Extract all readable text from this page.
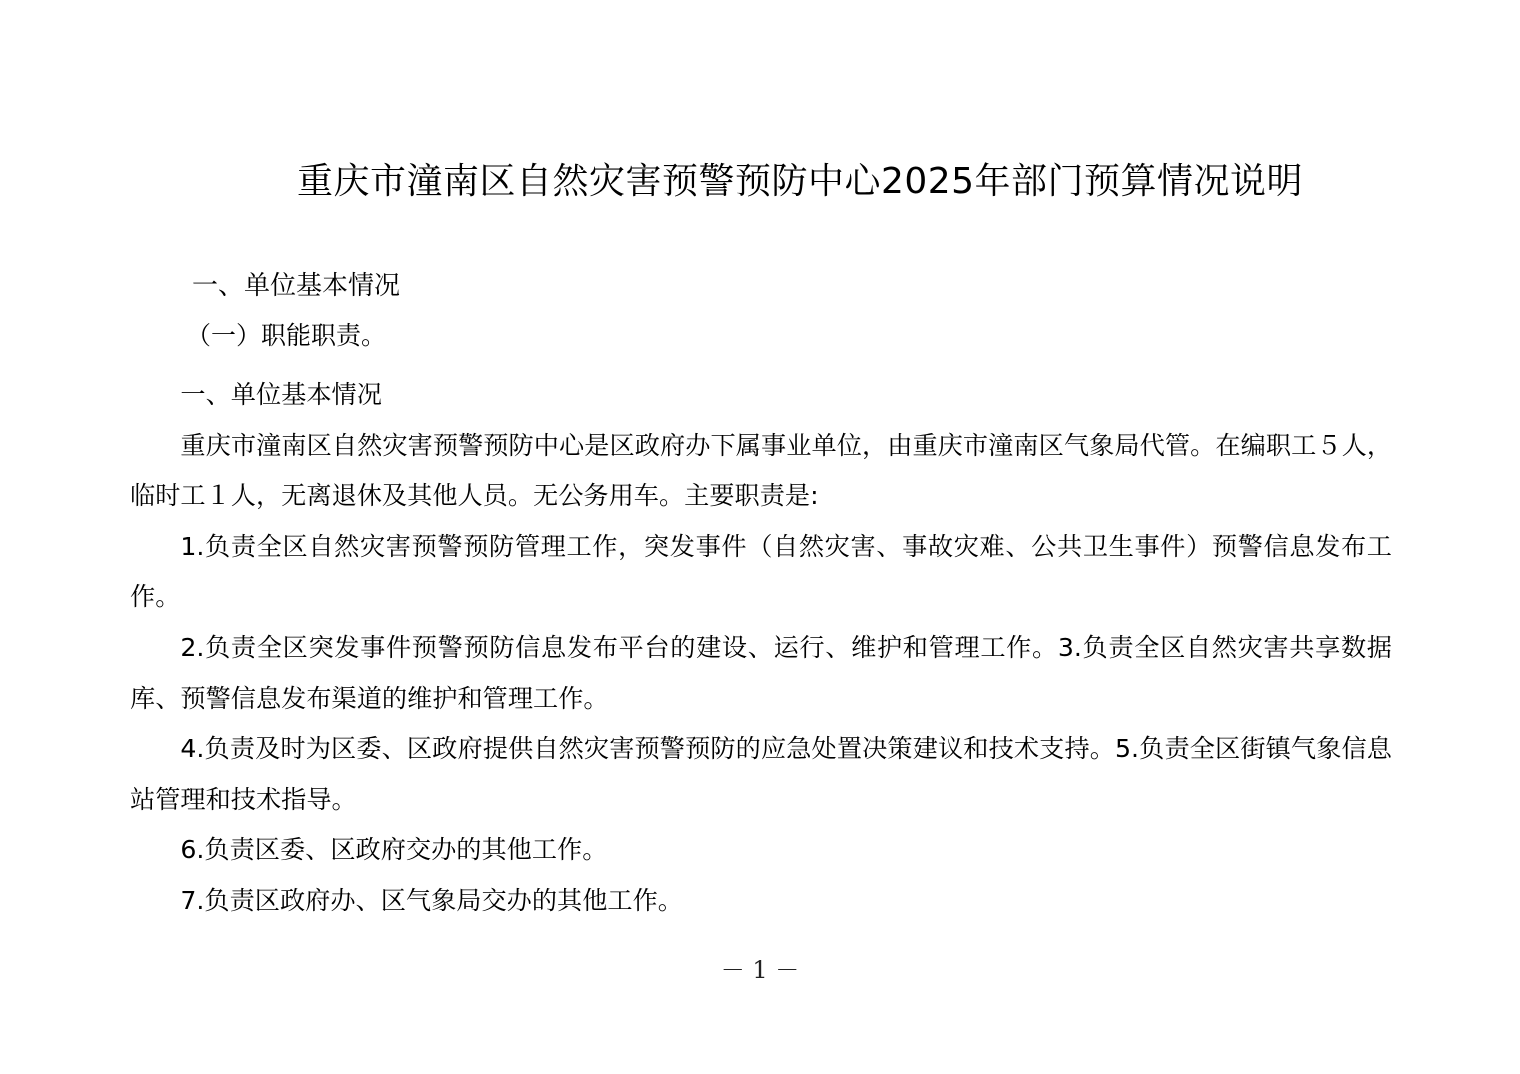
重庆市潼南区自然灾害预警预防中心2025年部门预算情况说明
一、单位基本情况
（一）职能职责。

一、单位基本情况

重庆市潼南区自然灾害预警预防中心是区政府办下属事业单位，由重庆市潼南区气象局代管。在编职工５人，临时工１人，无离退休及其他人员。无公务用车。主要职责是:

1.负责全区自然灾害预警预防管理工作，突发事件（自然灾害、事故灾难、公共卫生事件）预警信息发布工作。

2.负责全区突发事件预警预防信息发布平台的建设、运行、维护和管理工作。3.负责全区自然灾害共享数据库、预警信息发布渠道的维护和管理工作。

4.负责及时为区委、区政府提供自然灾害预警预防的应急处置决策建议和技术支持。5.负责全区街镇气象信息站管理和技术指导。

6.负责区委、区政府交办的其他工作。

7.负责区政府办、区气象局交办的其他工作。

－ 1 －
